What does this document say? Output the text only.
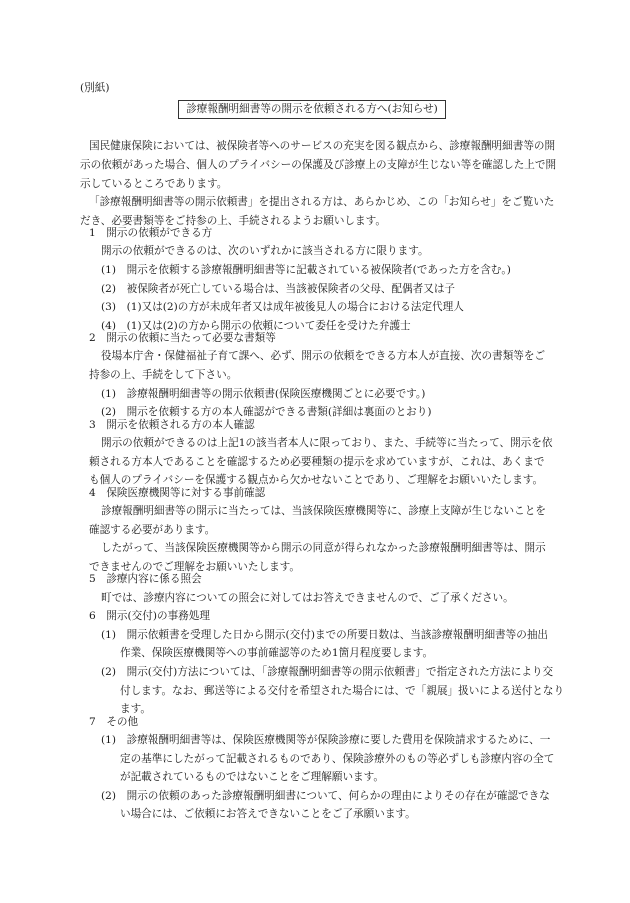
(別紙)
診療報酬明細書等の開示を依頼される方へ(お知らせ)
国民健康保険においては、被保険者等へのサービスの充実を図る観点から、診療報酬明細書等の開
示の依頼があった場合、個人のプライバシーの保護及び診療上の支障が生じない等を確認した上で開
示しているところであります。
「診療報酬明細書等の開示依頼書」を提出される方は、あらかじめ、この「お知らせ」をご覧いた
だき、必要書類等をご持参の上、手続されるようお願いします。
1　開示の依頼ができる方
開示の依頼ができるのは、次のいずれかに該当される方に限ります。
(1)　開示を依頼する診療報酬明細書等に記載されている被保険者(であった方を含む。)
(2)　被保険者が死亡している場合は、当該被保険者の父母、配偶者又は子
(3)　(1)又は(2)の方が未成年者又は成年被後見人の場合における法定代理人
(4)　(1)又は(2)の方から開示の依頼について委任を受けた弁護士
2　開示の依頼に当たって必要な書類等
役場本庁舎・保健福祉子育て課へ、必ず、開示の依頼をできる方本人が直接、次の書類等をご
持参の上、手続をして下さい。
(1)　診療報酬明細書等の開示依頼書(保険医療機関ごとに必要です。)
(2)　開示を依頼する方の本人確認ができる書類(詳細は裏面のとおり)
3　開示を依頼される方の本人確認
開示の依頼ができるのは上記1の該当者本人に限っており、また、手続等に当たって、開示を依
頼される方本人であることを確認するため必要種類の提示を求めていますが、これは、あくまで
も個人のプライバシーを保護する観点から欠かせないことであり、ご理解をお願いいたします。
4　保険医療機関等に対する事前確認
診療報酬明細書等の開示に当たっては、当該保険医療機関等に、診療上支障が生じないことを
確認する必要があります。
したがって、当該保険医療機関等から開示の同意が得られなかった診療報酬明細書等は、開示
できませんのでご理解をお願いいたします。
5　診療内容に係る照会
町では、診療内容についての照会に対してはお答えできませんので、ご了承ください。
6　開示(交付)の事務処理
(1)　開示依頼書を受理した日から開示(交付)までの所要日数は、当該診療報酬明細書等の抽出
作業、保険医療機関等への事前確認等のため1箇月程度要します。
(2)　開示(交付)方法については、「診療報酬明細書等の開示依頼書」で指定された方法により交
付します。なお、郵送等による交付を希望された場合には、で「親展」扱いによる送付となり
ます。
7　その他
(1)　診療報酬明細書等は、保険医療機関等が保険診療に要した費用を保険請求するために、一
定の基準にしたがって記載されるものであり、保険診療外のもの等必ずしも診療内容の全て
が記載されているものではないことをご理解願います。
(2)　開示の依頼のあった診療報酬明細書について、何らかの理由によりその存在が確認できな
い場合には、ご依頼にお答えできないことをご了承願います。
